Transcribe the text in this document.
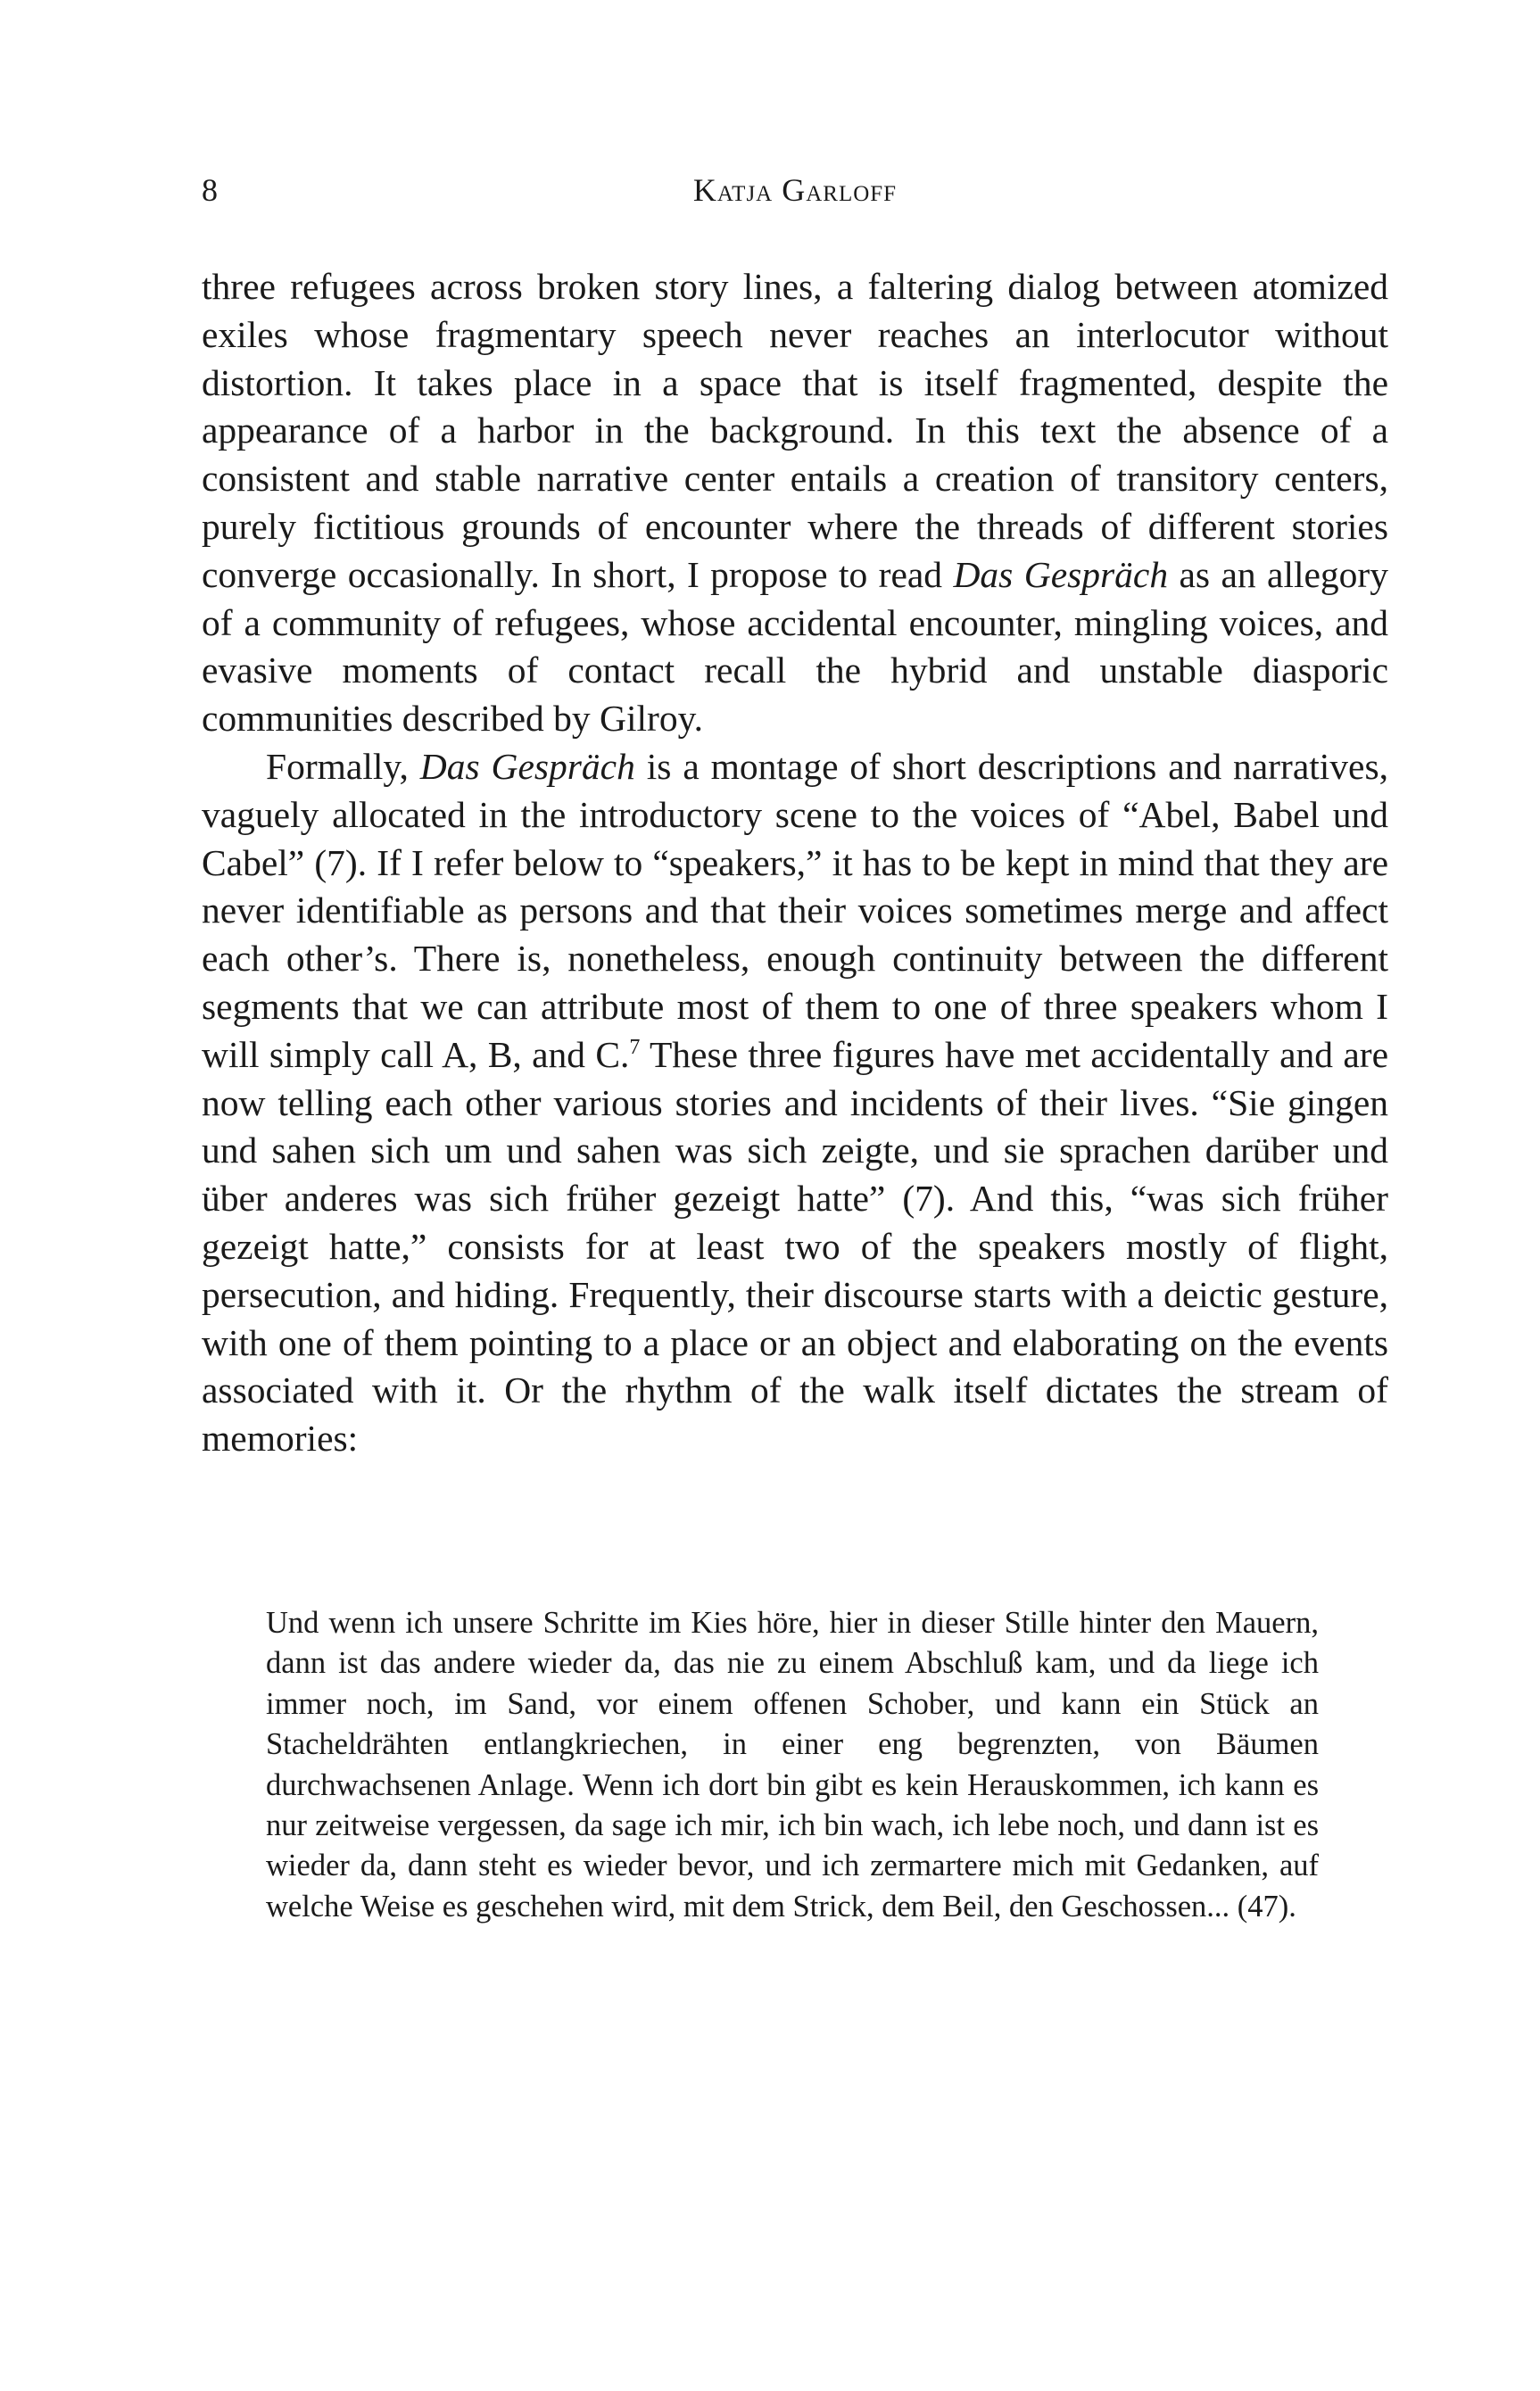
8	Katja Garloff

three refugees across broken story lines, a faltering dialog between atomized exiles whose fragmentary speech never reaches an interlocutor without distortion. It takes place in a space that is itself fragmented, despite the appearance of a harbor in the background. In this text the absence of a consistent and stable narrative center entails a creation of transitory centers, purely fictitious grounds of encounter where the threads of different stories converge occasionally. In short, I propose to read Das Gespräch as an allegory of a community of refugees, whose accidental encounter, mingling voices, and evasive moments of contact recall the hybrid and unstable diasporic communities described by Gilroy.

Formally, Das Gespräch is a montage of short descriptions and narratives, vaguely allocated in the introductory scene to the voices of “Abel, Babel und Cabel” (7). If I refer below to “speakers,” it has to be kept in mind that they are never identifiable as persons and that their voices sometimes merge and affect each other’s. There is, nonetheless, enough continuity between the different segments that we can attribute most of them to one of three speakers whom I will simply call A, B, and C.$^7$ These three figures have met accidentally and are now telling each other various stories and incidents of their lives. “Sie gingen und sahen sich um und sahen was sich zeigte, und sie sprachen darüber und über anderes was sich früher gezeigt hatte” (7). And this, “was sich früher gezeigt hatte,” consists for at least two of the speakers mostly of flight, persecution, and hiding. Frequently, their discourse starts with a deictic gesture, with one of them pointing to a place or an object and elaborating on the events associated with it. Or the rhythm of the walk itself dictates the stream of memories:

Und wenn ich unsere Schritte im Kies höre, hier in dieser Stille hinter den Mauern, dann ist das andere wieder da, das nie zu einem Abschluß kam, und da liege ich immer noch, im Sand, vor einem offenen Schober, und kann ein Stück an Stacheldrähten entlangkriechen, in einer eng begrenzten, von Bäumen durchwachsenen Anlage. Wenn ich dort bin gibt es kein Herauskommen, ich kann es nur zeitweise vergessen, da sage ich mir, ich bin wach, ich lebe noch, und dann ist es wieder da, dann steht es wieder bevor, und ich zermartere mich mit Gedanken, auf welche Weise es geschehen wird, mit dem Strick, dem Beil, den Geschossen... (47).
